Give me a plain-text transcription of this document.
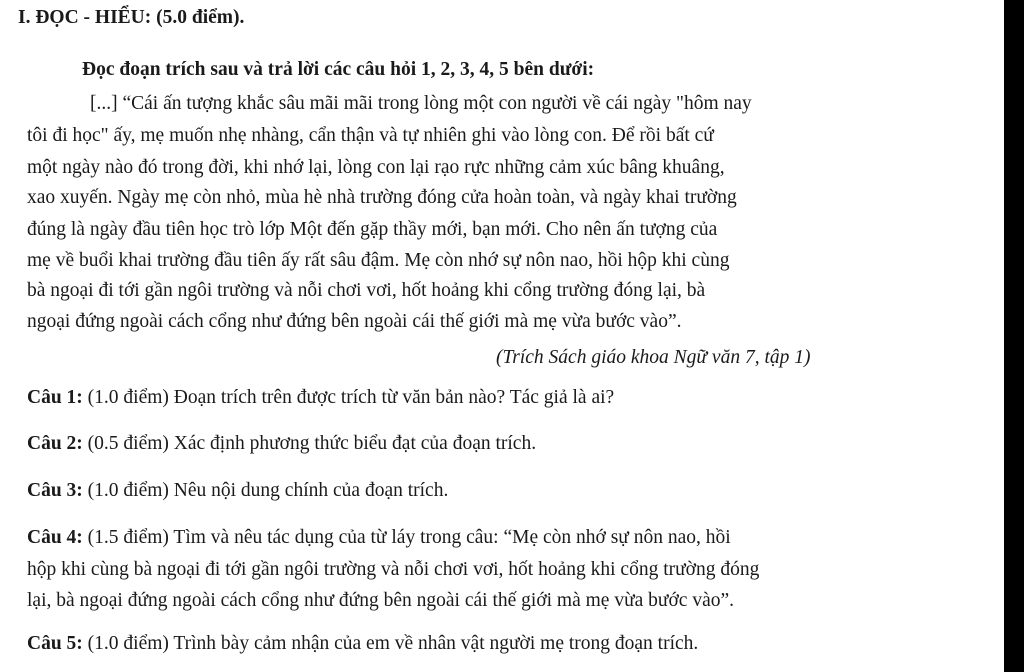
I. ĐỌC - HIỂU: (5.0 điểm).
Đọc đoạn trích sau và trả lời các câu hỏi 1, 2, 3, 4, 5 bên dưới:
[...] “Cái ấn tượng khắc sâu mãi mãi trong lòng một con người về cái ngày "hôm nay
tôi đi học" ấy, mẹ muốn nhẹ nhàng, cẩn thận và tự nhiên ghi vào lòng con. Để rồi bất cứ
một ngày nào đó trong đời, khi nhớ lại, lòng con lại rạo rực những cảm xúc bâng khuâng,
xao xuyến. Ngày mẹ còn nhỏ, mùa hè nhà trường đóng cửa hoàn toàn, và ngày khai trường
đúng là ngày đầu tiên học trò lớp Một đến gặp thầy mới, bạn mới. Cho nên ấn tượng của
mẹ về buổi khai trường đầu tiên ấy rất sâu đậm. Mẹ còn nhớ sự nôn nao, hồi hộp khi cùng
bà ngoại đi tới gần ngôi trường và nỗi chơi vơi, hốt hoảng khi cổng trường đóng lại, bà
ngoại đứng ngoài cách cổng như đứng bên ngoài cái thế giới mà mẹ vừa bước vào”.
(Trích Sách giáo khoa Ngữ văn 7, tập 1)
Câu 1: (1.0 điểm) Đoạn trích trên được trích từ văn bản nào? Tác giả là ai?
Câu 2: (0.5 điểm) Xác định phương thức biểu đạt của đoạn trích.
Câu 3: (1.0 điểm) Nêu nội dung chính của đoạn trích.
Câu 4: (1.5 điểm) Tìm và nêu tác dụng của từ láy trong câu: “Mẹ còn nhớ sự nôn nao, hồi
hộp khi cùng bà ngoại đi tới gần ngôi trường và nỗi chơi vơi, hốt hoảng khi cổng trường đóng
lại, bà ngoại đứng ngoài cách cổng như đứng bên ngoài cái thế giới mà mẹ vừa bước vào”.
Câu 5: (1.0 điểm) Trình bày cảm nhận của em về nhân vật người mẹ trong đoạn trích.
